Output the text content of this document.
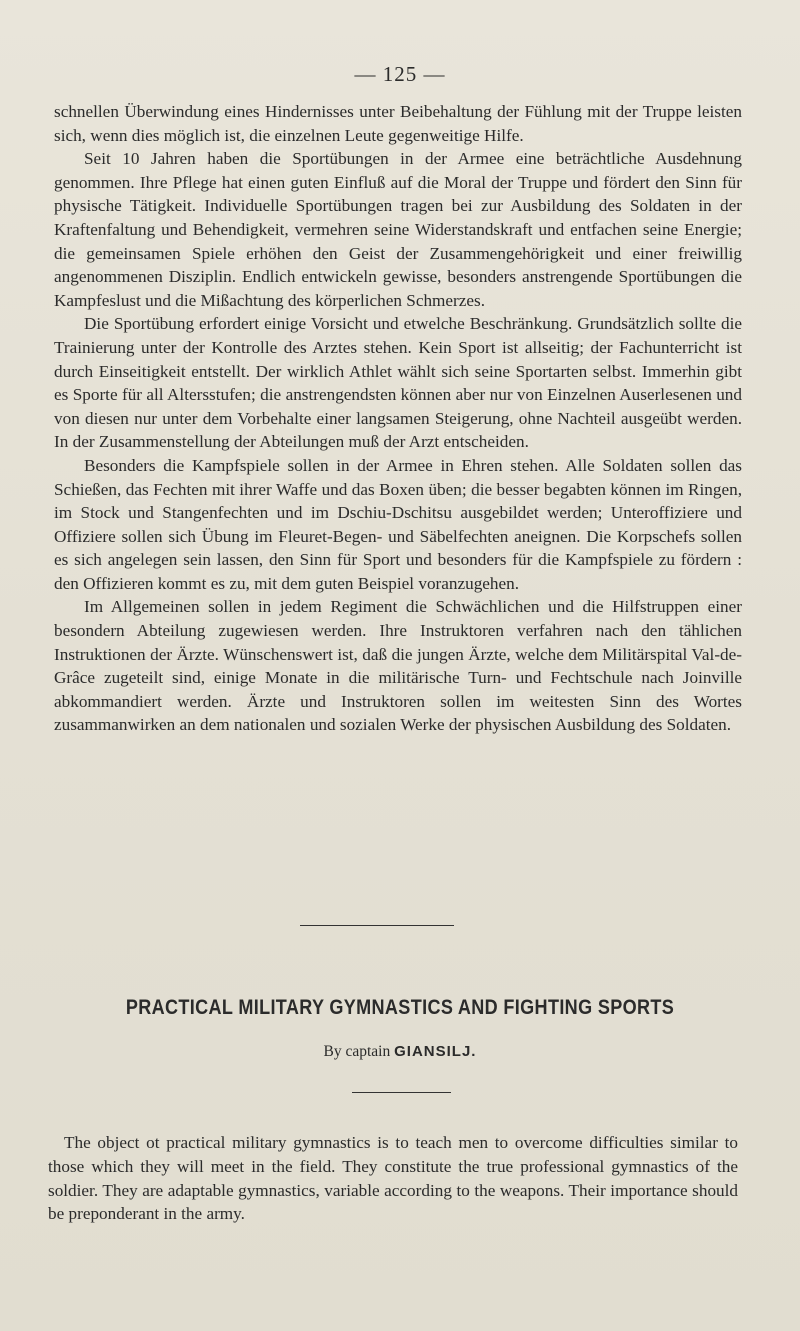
— 125 —

schnellen Überwindung eines Hindernisses unter Beibehaltung der Fühlung mit der Truppe leisten sich, wenn dies möglich ist, die einzelnen Leute gegenweitige Hilfe.

Seit 10 Jahren haben die Sportübungen in der Armee eine beträchtliche Ausdehnung genommen. Ihre Pflege hat einen guten Einfluß auf die Moral der Truppe und fördert den Sinn für physische Tätigkeit. Individuelle Sportübungen tragen bei zur Ausbildung des Soldaten in der Kraftenfaltung und Behendigkeit, vermehren seine Widerstandskraft und entfachen seine Energie; die gemeinsamen Spiele erhöhen den Geist der Zusammengehörigkeit und einer freiwillig angenommenen Disziplin. Endlich entwickeln gewisse, besonders anstrengende Sportübungen die Kampfeslust und die Mißachtung des körperlichen Schmerzes.

Die Sportübung erfordert einige Vorsicht und etwelche Beschränkung. Grundsätzlich sollte die Trainierung unter der Kontrolle des Arztes stehen. Kein Sport ist allseitig; der Fachunterricht ist durch Einseitigkeit entstellt. Der wirklich Athlet wählt sich seine Sportarten selbst. Immerhin gibt es Sporte für all Altersstufen; die anstrengendsten können aber nur von Einzelnen Auserlesenen und von diesen nur unter dem Vorbehalte einer langsamen Steigerung, ohne Nachteil ausgeübt werden. In der Zusammenstellung der Abteilungen muß der Arzt entscheiden.

Besonders die Kampfspiele sollen in der Armee in Ehren stehen. Alle Soldaten sollen das Schießen, das Fechten mit ihrer Waffe und das Boxen üben; die besser begabten können im Ringen, im Stock und Stangenfechten und im Dschiu-Dschitsu ausgebildet werden; Unteroffiziere und Offiziere sollen sich Übung im Fleuret-Begen- und Säbelfechten aneignen. Die Korpschefs sollen es sich angelegen sein lassen, den Sinn für Sport und besonders für die Kampfspiele zu fördern : den Offizieren kommt es zu, mit dem guten Beispiel voranzugehen.

Im Allgemeinen sollen in jedem Regiment die Schwächlichen und die Hilfstruppen einer besondern Abteilung zugewiesen werden. Ihre Instruktoren verfahren nach den tählichen Instruktionen der Ärzte. Wünschenswert ist, daß die jungen Ärzte, welche dem Militärspital Val-de-Grâce zugeteilt sind, einige Monate in die militärische Turn- und Fechtschule nach Joinville abkommandiert werden. Ärzte und Instruktoren sollen im weitesten Sinn des Wortes zusammanwirken an dem nationalen und sozialen Werke der physischen Ausbildung des Soldaten.

PRACTICAL MILITARY GYMNASTICS AND FIGHTING SPORTS
By captain GIANSILJ.

The object ot practical military gymnastics is to teach men to overcome difficulties similar to those which they will meet in the field. They constitute the true professional gymnastics of the soldier. They are adaptable gymnastics, variable according to the weapons. Their importance should be preponderant in the army.
